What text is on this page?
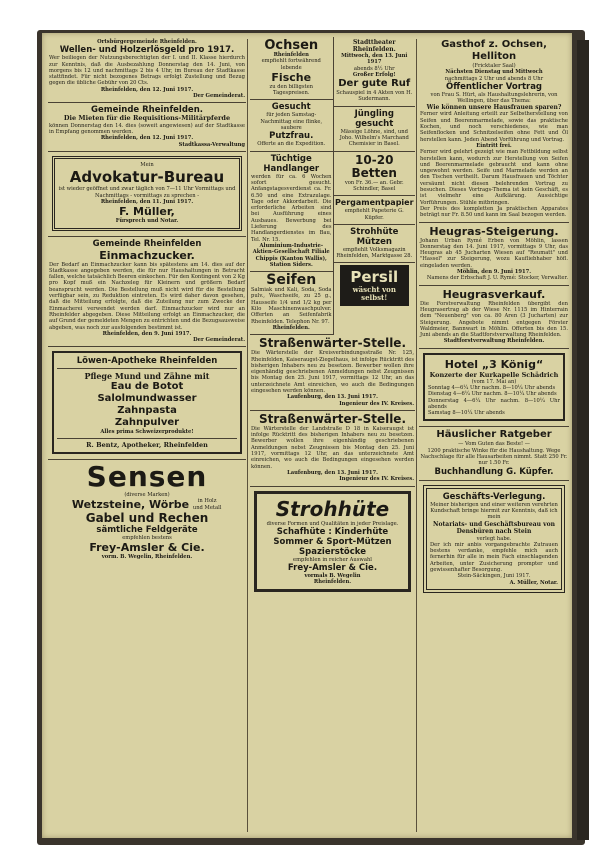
Ortsbürgergemeinde Rheinfelden.
Wellen- und Holzerlösgeld pro 1917.
Wer beiliegen der Nutzungsberechtigten der I. und II. Klasse hierdurch zur Kenntnis, daß die Ausbezahlung Donnerstag den 14. Juni, von morgens bis 12 und nachmittags 2 bis 4 Uhr, im Bureau der Stadtkasse stattfindet. Für nicht bezogenes Betrags erfolgt Zustellung und Bezug gegen die übliche Gebühr von 20 Cts.
Rheinfelden, den 12. Juni 1917.
Der Gemeinderat.
Gemeinde Rheinfelden.
Die Mieten für die Requisitions-Militärpferde
können Donnerstag den 14. dies (soweit angewiesen) auf der Stadtkasse in Empfang genommen werden.
Rheinfelden, den 12. Juni 1917.
Stadtkassa-Verwaltung
Mein
Advokatur-Bureau
ist wieder geöffnet und zwar täglich von 7—11 Uhr Vormittags und Nachmittags - vormittags zu sprechen -
Rheinfelden, den 11. Juni 1917.
F. Müller,
Fürsprech und Notar.
Gemeinde Rheinfelden
Einmachzucker.
Der Bedarf an Einmachzucker kann bis spätestens am 14. dies auf der Stadtkasse angegeben werden, die für nur Haushaltungen in Betracht fallen, welche tatsächlich Beeren einkochen. Für den Kontingent von 2 Kg pro Kopf muß ein Nachzeleg für Kleinern und größern Bedarf beansprucht werden. Die Bestellung muß nicht wird für die Bestellung verfügbar sein, zu Reduktion eintreten. Es wird daher davon gesehen, daß die Mitteilung erfolgte, daß die Zuteilung nur zum Zwecke der Einmacherei verwendet werden darf. Einmachzucker wird nur an Rheinfelder abgegeben. Diese Mitteilung erfolgt an Einmachzucker, die auf Grund der gemeldeten Mengen zu entrichten und die Bezugsausweise abgeben, was noch zur ausfolgenden bestimmt ist.
Rheinfelden, den 9. Juni 1917.
Der Gemeinderat.
Löwen-Apotheke Rheinfelden
Pflege Mund und Zähne mit
Eau de Botot
Salolmundwasser
Zahnpasta
Zahnpulver
Alles prima Schweizerprodukte!
R. Bentz, Apotheker, Rheinfelden
Sensen
(diverse Marken)
Wetzsteine, Wörbe	in Holz und Metall
Gabel und Rechen
sämtliche Feldgeräte
empfehlen bestens
Frey-Amsler & Cie.
vorm. B. Wegelin, Rheinfelden.
Ochsen
Rheinfelden
empfiehlt fortwährend lebende
Fische
zu den billigsten Tagespreisen.
Gesucht
für jeden Samstag-Nachmittag eine flinke, saubere
Putzfrau.
Offerte an die Expedition.
Tüchtige Handlanger
werden für ca. 6 Wochen sofort gesucht. Anfangstagesverdienst ca. Fr. 6.50 und eine Extrazulage. Tage oder Akkordarbeit. Die erforderliche Arbeiten sind bei Ausführung eines Ausbaues. Bewerbung bei Lieferung des Handlangerdienstes im Bau, Tel. Nr. 15.
Aluminium-Industrie-Aktien-Gesellschaft Filiale Chippis (Kanton Wallis), Station Siders.
Seifen
Salmiak und Kali, Soda, Soda pulv., Waschseife, zu 25 g., Hausseife 1/4 und 1/2 kg per Kilo Maschinenwaschpulver. Offerten an Seifenfabrik Rheinfelden. Telephon Nr. 97.
Rheinfelden.
Stadttheater Rheinfelden.
Mittwoch, den 13. Juni 1917
abends 8½ Uhr
Großer Erfolg!
Der gute Ruf
Schauspiel in 4 Akten von H. Sudermann.
Jüngling gesucht
Mässige Löhne, sind, und Joho. Wilhelm's Marchand Chemisier in Basel.
10-20 Betten
von Fr. 36.— an. Gebr. Schindler, Basel
Pergamentpapier
empfiehlt Papeterie G. Küpfer.
Strohhüte Mützen
empfiehlt Volksmagazin Rheinfelden, Marktgasse 28.
Persil
wäscht von selbst!
Straßenwärter-Stelle.
Die Wärterstelle der Kreisverbindungsstraße Nr. 125, Rheinfelden, Kaiseraugst-Ziegelhaus, ist infolge Rücktritt des bisherigen Inhabers neu zu besetzen. Bewerber wollen ihre eigenhändig geschriebenen Anmeldungen nebst Zeugnissen bis Montag den 25. Juni 1917, vormittags 12 Uhr, an das unterzeichnete Amt einreichen, wo auch die Bedingungen eingesehen werden können.
Laufenburg, den 13. Juni 1917.
Ingenieur des IV. Kreises.
Straßenwärter-Stelle.
Die Wärterstelle der Landstraße D 18 in Kaiseraugst ist infolge Rücktritt des bisherigen Inhabers neu zu besetzen. Bewerber wollen ihre eigenhändig geschriebenen Anmeldungen nebst Zeugnissen bis Montag den 25. Juni 1917, vormittags 12 Uhr, an das unterzeichnete Amt einreichen, wo auch die Bedingungen eingesehen werden können.
Laufenburg, den 13. Juni 1917.
Ingenieur des IV. Kreises.
Strohhüte
diverse Formen und Qualitäten in jeder Preislage.
Schafhüte : Kinderhüte
Sommer & Sport-Mützen
Spazierstöcke
empfehlen in reicher Auswahl
Frey-Amsler & Cie.
vormals B. Wegelin
Rheinfelden.
Gasthof z. Ochsen, Helliton
(Fricktaler Saal)
Nächsten Dienstag und Mittwoch
nachmittags 2 Uhr und abends 8 Uhr
Öffentlicher Vortrag
von Frau S. Hürt, als Haushaltungslehrerin, von Wellingen, über das Thema:
Wie können unsere Hausfrauen sparen?
Ferner wird Anleitung erteilt zur Selbstherstellung von Seifen und Beerenmarmelade, sowie das praktische Kochen, und noch verschiedenes, wie man Seifenflocken und Schnitzelseifen ohne Fett und Öl herstellen kann. Jeden Abend Vorführung und Vortrag.
Eintritt frei.
Ferner wird gelehrt gezeigt wie man Fettbildung selbst herstellen kann, wodurch zur Herstellung von Seifen und Beerenmarmelade gebraucht und kann ohne ungewohnt werden. Seife und Marmelade werden an den Tischen vertheilt. Darum Hausfrauen und Töchter versäumt nicht diesen belehrenden Vortrag zu besuchen. Dieses Vortrags-Thema ist kein Geschäft, es ist vielmehr eine Aufklärung. Aussichtige Vorführungen. Stühle mitbringen.
Der Preis des kompletten Ja praktischen Apparates beträgt nur Fr. 8.50 und kann im Saal bezogen werden.
Heugras-Steigerung.
Johann Urban Rymé Erben von Möhlin, lassen Donnerstag den 14. Juni 1917, vormittags 9 Uhr, das Heugras ab 45 Jucharten Wiesen auf "Reumatt" und "Hassel" zur Steigerung, wozu Kaufliebhaber höfl. eingeladen werden.
Möhlin, den 9. Juni 1917.
Namens der Erbschaft J. U. Rymé: Stocker, Verwalter.
Heugrasverkauf.
Die Forstverwaltung Rheinfelden übergibt den Heugrasertrag ab der Wiese Nr. 1115 im Hinterrain dem "Neuenberg" von ca. 80 Aren (3 Jucharten) zur Steigerung. Angebote nimmt entgegen Förster Waldmeier, Bannwart in Möhlin. Offerten bis den 15. Juni abends an die Stadtforstverwaltung Rheinfelden.
Stadtforstverwaltung Rheinfelden.
Hotel „3 König“
Konzerte der Kurkapelle Schädrich
(vom 17. Mai an)
Sonntag 4—6¼ Uhr nachm. 8—10¼ Uhr abends
Dienstag 4—6¼ Uhr nachm. 8—10¼ Uhr abends
Donnerstag 4—6¼ Uhr nachm. 8—10¼ Uhr abends
Samstag 8—10¼ Uhr abends
Häuslicher Ratgeber
— Vom Guten das Beste! —
1200 praktische Winke für die Haushaltung. Wege Nachschlage für alle Hausarbeiten nimmt. Statt 250 Fr. nur 1.50 Fr.
Buchhandlung G. Küpfer.
Geschäfts-Verlegung.
Meiner bisherigen und einer weiteren verehrten Kundschaft bringe hiermit zur Kenntnis, daß ich mein
Notariats- und Geschäftsbureau von Densbüren nach Stein
verlegt habe.
Der ich mir anbis vorgangebrachte Zutrauen bestens verdanke, empfehle mich auch fernerhin für alle in mein Fach einschlagenden Arbeiten, unter Zusicherung prompter und gewissenhafter Besorgung.
Stein-Säckingen, Juni 1917.
A. Müller, Notar.
